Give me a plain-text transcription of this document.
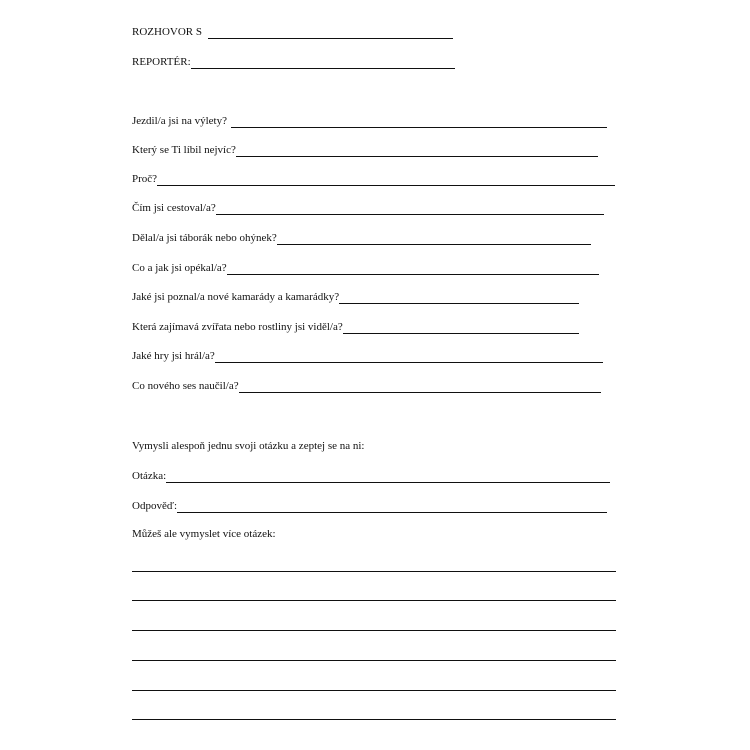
ROZHOVOR S
REPORTÉR:
Jezdil/a jsi na výlety?
Který se Ti líbil nejvíc?
Proč?
Čím jsi cestoval/a?
Dělal/a jsi táborák nebo ohýnek?
Co a jak jsi opékal/a?
Jaké jsi poznal/a nové kamarády a kamarádky?
Která zajímavá zvířata nebo rostliny jsi viděl/a?
Jaké hry jsi hrál/a?
Co nového ses naučil/a?
Vymysli alespoň jednu svoji otázku a zeptej se na ni:
Otázka:
Odpověď:
Můžeš ale vymyslet více otázek:
